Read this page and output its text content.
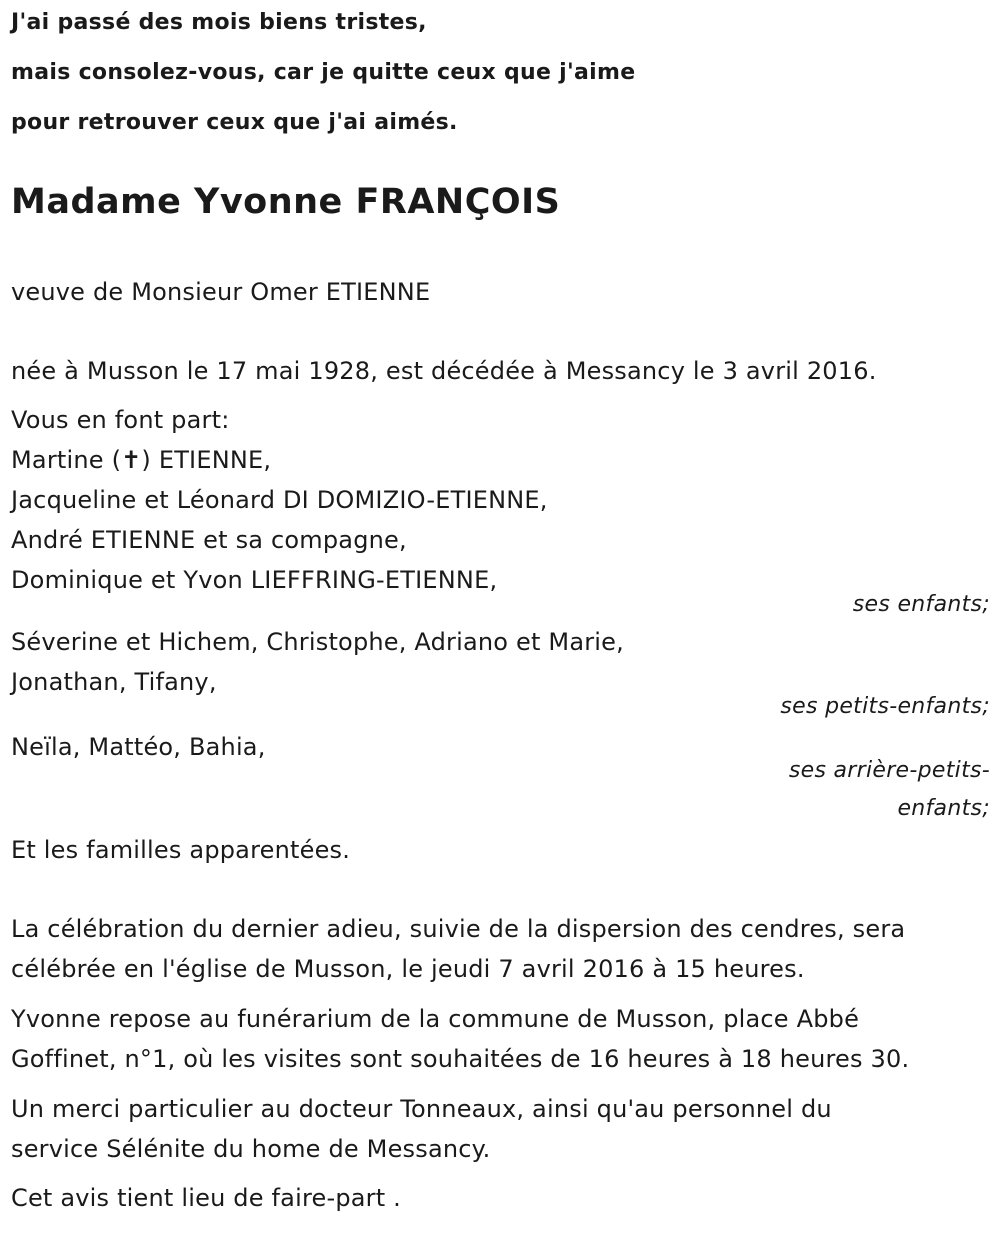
J'ai passé des mois biens tristes,
mais consolez-vous, car je quitte ceux que j'aime
pour retrouver ceux que j'ai aimés.
Madame Yvonne FRANÇOIS
veuve de Monsieur Omer ETIENNE
née à Musson le 17 mai 1928, est décédée à Messancy le 3 avril 2016.
Vous en font part:
Martine (✝) ETIENNE,
Jacqueline et Léonard DI DOMIZIO-ETIENNE,
André ETIENNE et sa compagne,
Dominique et Yvon LIEFFRING-ETIENNE,
ses enfants;
Séverine et Hichem, Christophe, Adriano et Marie,
Jonathan, Tifany,
ses petits-enfants;
Neïla, Mattéo, Bahia,
ses arrière-petits-
enfants;
Et les familles apparentées.
La célébration du dernier adieu, suivie de la dispersion des cendres, sera
célébrée en l'église de Musson, le jeudi 7 avril 2016 à 15 heures.
Yvonne repose au funérarium de la commune de Musson, place Abbé
Goffinet, n°1, où les visites sont souhaitées de 16 heures à 18 heures 30.
Un merci particulier au docteur Tonneaux, ainsi qu'au personnel du
service Sélénite du home de Messancy.
Cet avis tient lieu de faire-part .
